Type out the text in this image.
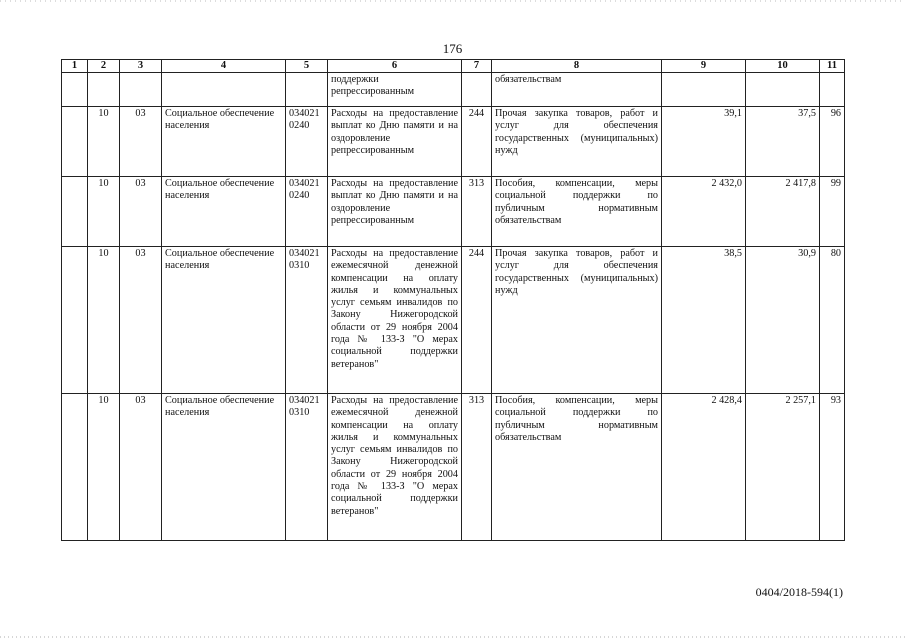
176
1	2	3	4	5	6	7	8	9	10	11
					поддержки репрессированным		обязательствам			
	10	03	Социальное обеспечение населения	034021 0240	Расходы на предоставление выплат ко Дню памяти и на оздоровление репрессированным	244	Прочая закупка товаров, работ и услуг для обеспечения государственных (муниципальных) нужд	39,1	37,5	96
	10	03	Социальное обеспечение населения	034021 0240	Расходы на предоставление выплат ко Дню памяти и на оздоровление репрессированным	313	Пособия, компенсации, меры социальной поддержки по публичным нормативным обязательствам	2 432,0	2 417,8	99
	10	03	Социальное обеспечение населения	034021 0310	Расходы на предоставление ежемесячной денежной компенсации на оплату жилья и коммунальных услуг семьям инвалидов по Закону Нижегородской области от 29 ноября 2004 года № 133-З "О мерах социальной поддержки ветеранов"	244	Прочая закупка товаров, работ и услуг для обеспечения государственных (муниципальных) нужд	38,5	30,9	80
	10	03	Социальное обеспечение населения	034021 0310	Расходы на предоставление ежемесячной денежной компенсации на оплату жилья и коммунальных услуг семьям инвалидов по Закону Нижегородской области от 29 ноября 2004 года № 133-З "О мерах социальной поддержки ветеранов"	313	Пособия, компенсации, меры социальной поддержки по публичным нормативным обязательствам	2 428,4	2 257,1	93
0404/2018-594(1)
